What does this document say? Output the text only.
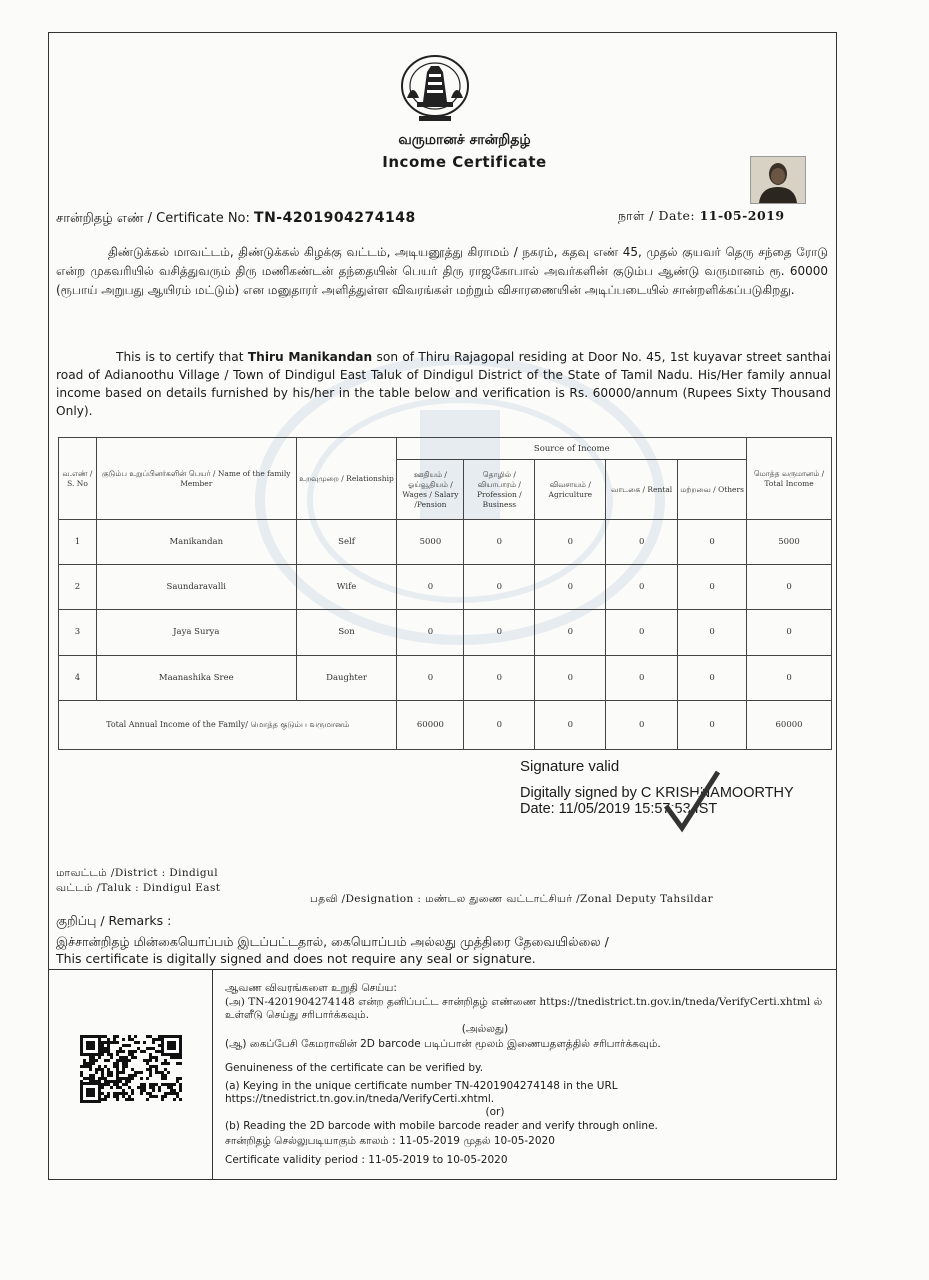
வருமானச் சான்றிதழ்
Income Certificate
சான்றிதழ் எண் / Certificate No: TN-4201904274148	நாள் / Date: 11-05-2019
திண்டுக்கல் மாவட்டம், திண்டுக்கல் கிழக்கு வட்டம், அடியனூத்து கிராமம் / நகரம், கதவு எண் 45, முதல் குயவர் தெரு சந்தை ரோடு என்ற முகவரியில் வசித்துவரும் திரு மணிகண்டன் தந்தையின் பெயர் திரு ராஜகோபால் அவர்களின் குடும்ப ஆண்டு வருமானம் ரூ. 60000 (ரூபாய் அறுபது ஆயிரம் மட்டும்) என மனுதாரர் அளித்துள்ள விவரங்கள் மற்றும் விசாரணையின் அடிப்படையில் சான்றளிக்கப்படுகிறது.
This is to certify that Thiru Manikandan son of Thiru Rajagopal residing at Door No. 45, 1st kuyavar street santhai road of Adianoothu Village / Town of Dindigul East Taluk of Dindigul District of the State of Tamil Nadu. His/Her family annual income based on details furnished by his/her in the table below and verification is Rs. 60000/annum (Rupees Sixty Thousand Only).
வ.எண் / S. No	குடும்ப உறுப்பினர்களின் பெயர் / Name of the family Member	உறவுமுறை / Relationship	Source of Income					மொத்த வருமானம் / Total Income
			ஊதியம் / ஓய்வூதியம் / Wages / Salary /Pension	தொழில் / வியாபாரம் / Profession / Business	விவசாயம் / Agriculture	வாடகை / Rental	மற்றவை / Others	
1	Manikandan	Self	5000	0	0	0	0	5000
2	Saundaravalli	Wife	0	0	0	0	0	0
3	Jaya Surya	Son	0	0	0	0	0	0
4	Maanashika Sree	Daughter	0	0	0	0	0	0
Total Annual Income of the Family/ மொத்த குடும்ப வருமானம்			60000	0	0	0	0	60000
Signature valid
Digitally signed by C KRISHNAMOORTHY
Date: 11/05/2019 15:57:53 IST
மாவட்டம் /District : Dindigul
வட்டம் /Taluk : Dindigul East
பதவி /Designation : மண்டல துணை வட்டாட்சியர் /Zonal Deputy Tahsildar
குறிப்பு / Remarks :
இச்சான்றிதழ் மின்கையொப்பம் இடப்பட்டதால், கையொப்பம் அல்லது முத்திரை தேவையில்லை /
This certificate is digitally signed and does not require any seal or signature.
ஆவண விவரங்களை உறுதி செய்ய:
(அ) TN-4201904274148 என்ற தனிப்பட்ட சான்றிதழ் எண்ணை https://tnedistrict.tn.gov.in/tneda/VerifyCerti.xhtml ல் உள்ளீடு செய்து சரிபார்க்கவும்.
(அல்லது)
(ஆ) கைப்பேசி கேமராவின் 2D barcode படிப்பான் மூலம் இணையதளத்தில் சரிபார்க்கவும்.
Genuineness of the certificate can be verified by.
(a) Keying in the unique certificate number TN-4201904274148 in the URL https://tnedistrict.tn.gov.in/tneda/VerifyCerti.xhtml.
(or)
(b) Reading the 2D barcode with mobile barcode reader and verify through online.
சான்றிதழ் செல்லுபடியாகும் காலம் : 11-05-2019 முதல் 10-05-2020
Certificate validity period : 11-05-2019 to 10-05-2020
